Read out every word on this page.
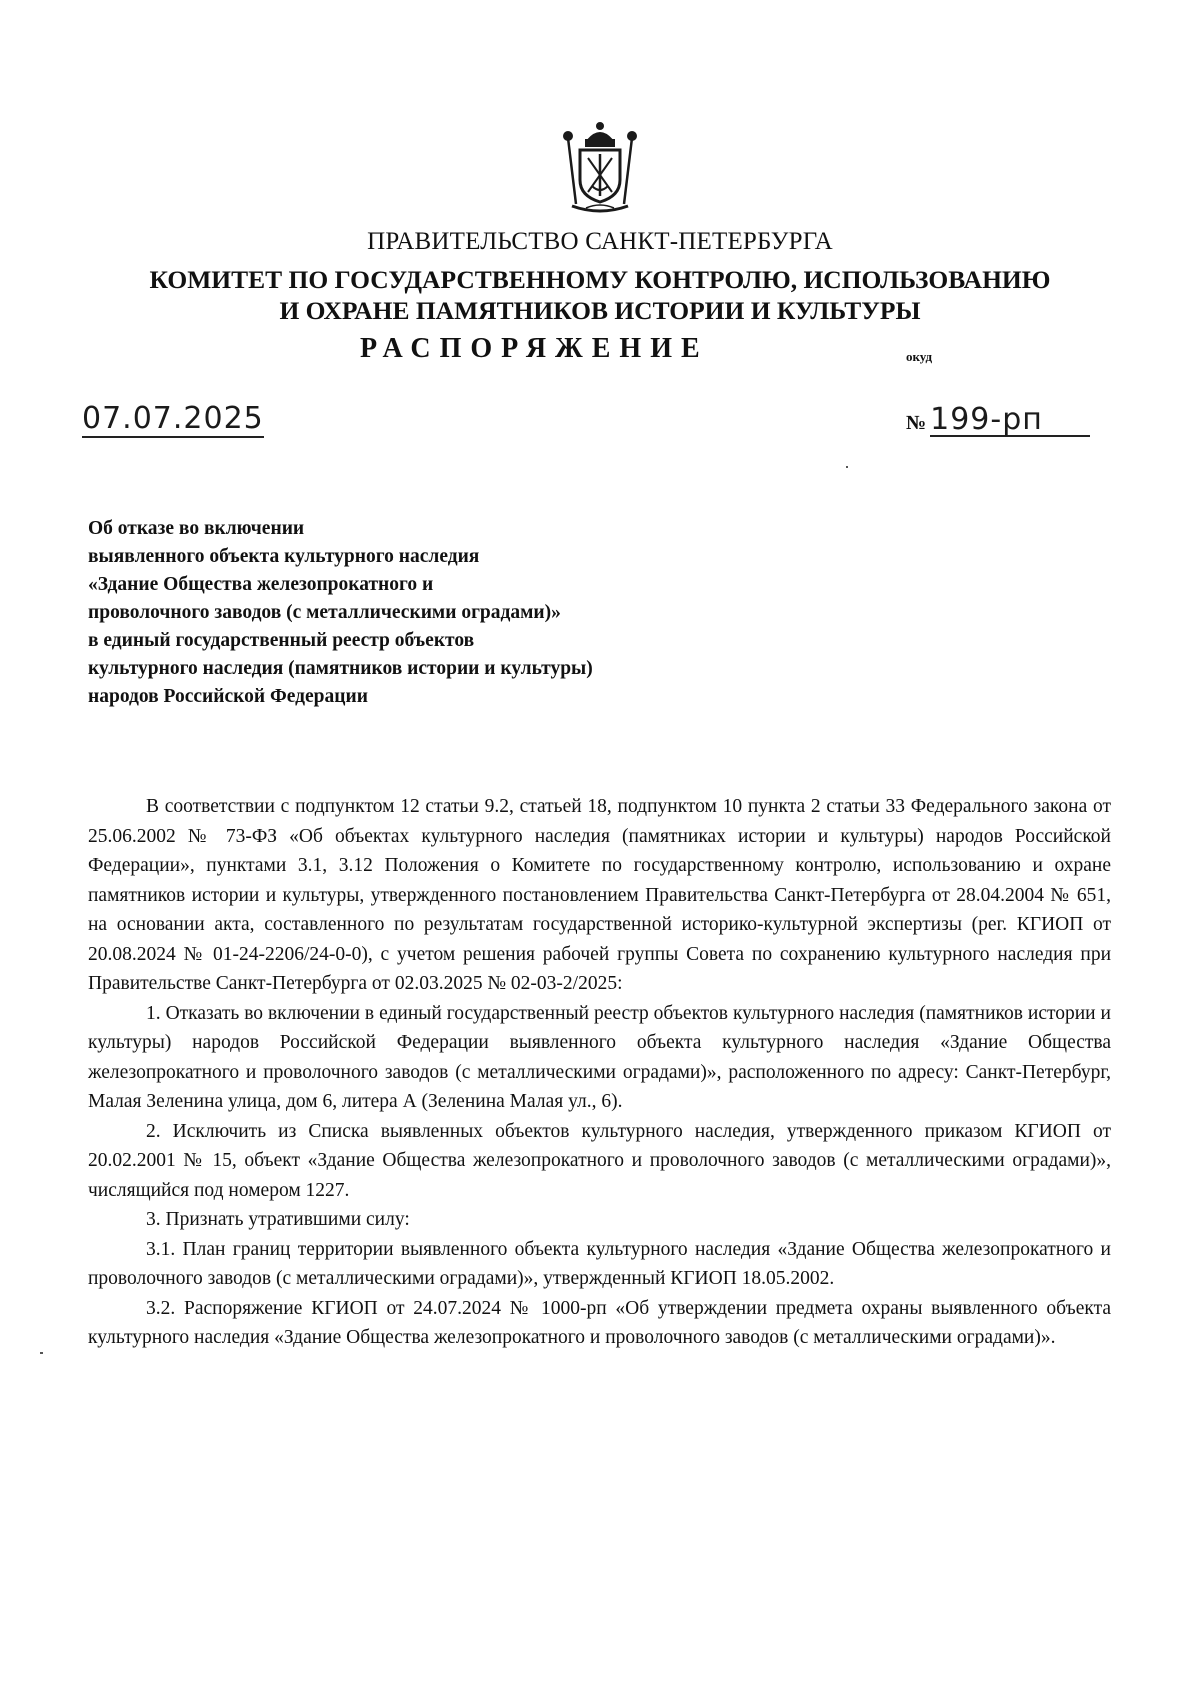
ПРАВИТЕЛЬСТВО САНКТ-ПЕТЕРБУРГА
КОМИТЕТ ПО ГОСУДАРСТВЕННОМУ КОНТРОЛЮ, ИСПОЛЬЗОВАНИЮ
И ОХРАНЕ ПАМЯТНИКОВ ИСТОРИИ И КУЛЬТУРЫ
РАСПОРЯЖЕНИЕ	окуд
07.07.2025	№ 199-рп
Об отказе во включении
выявленного объекта культурного наследия
«Здание Общества железопрокатного и
проволочного заводов (с металлическими оградами)»
в единый государственный реестр объектов
культурного наследия (памятников истории и культуры)
народов Российской Федерации

В соответствии с подпунктом 12 статьи 9.2, статьей 18, подпунктом 10 пункта 2 статьи 33 Федерального закона от 25.06.2002 № 73-ФЗ «Об объектах культурного наследия (памятниках истории и культуры) народов Российской Федерации», пунктами 3.1, 3.12 Положения о Комитете по государственному контролю, использованию и охране памятников истории и культуры, утвержденного постановлением Правительства Санкт-Петербурга от 28.04.2004 № 651, на основании акта, составленного по результатам государственной историко-культурной экспертизы (рег. КГИОП от 20.08.2024 № 01-24-2206/24-0-0), с учетом решения рабочей группы Совета по сохранению культурного наследия при Правительстве Санкт-Петербурга от 02.03.2025 № 02-03-2/2025:

1. Отказать во включении в единый государственный реестр объектов культурного наследия (памятников истории и культуры) народов Российской Федерации выявленного объекта культурного наследия «Здание Общества железопрокатного и проволочного заводов (с металлическими оградами)», расположенного по адресу: Санкт-Петербург, Малая Зеленина улица, дом 6, литера А (Зеленина Малая ул., 6).

2. Исключить из Списка выявленных объектов культурного наследия, утвержденного приказом КГИОП от 20.02.2001 № 15, объект «Здание Общества железопрокатного и проволочного заводов (с металлическими оградами)», числящийся под номером 1227.

3. Признать утратившими силу:

3.1. План границ территории выявленного объекта культурного наследия «Здание Общества железопрокатного и проволочного заводов (с металлическими оградами)», утвержденный КГИОП 18.05.2002.

3.2. Распоряжение КГИОП от 24.07.2024 № 1000-рп «Об утверждении предмета охраны выявленного объекта культурного наследия «Здание Общества железопрокатного и проволочного заводов (с металлическими оградами)».
